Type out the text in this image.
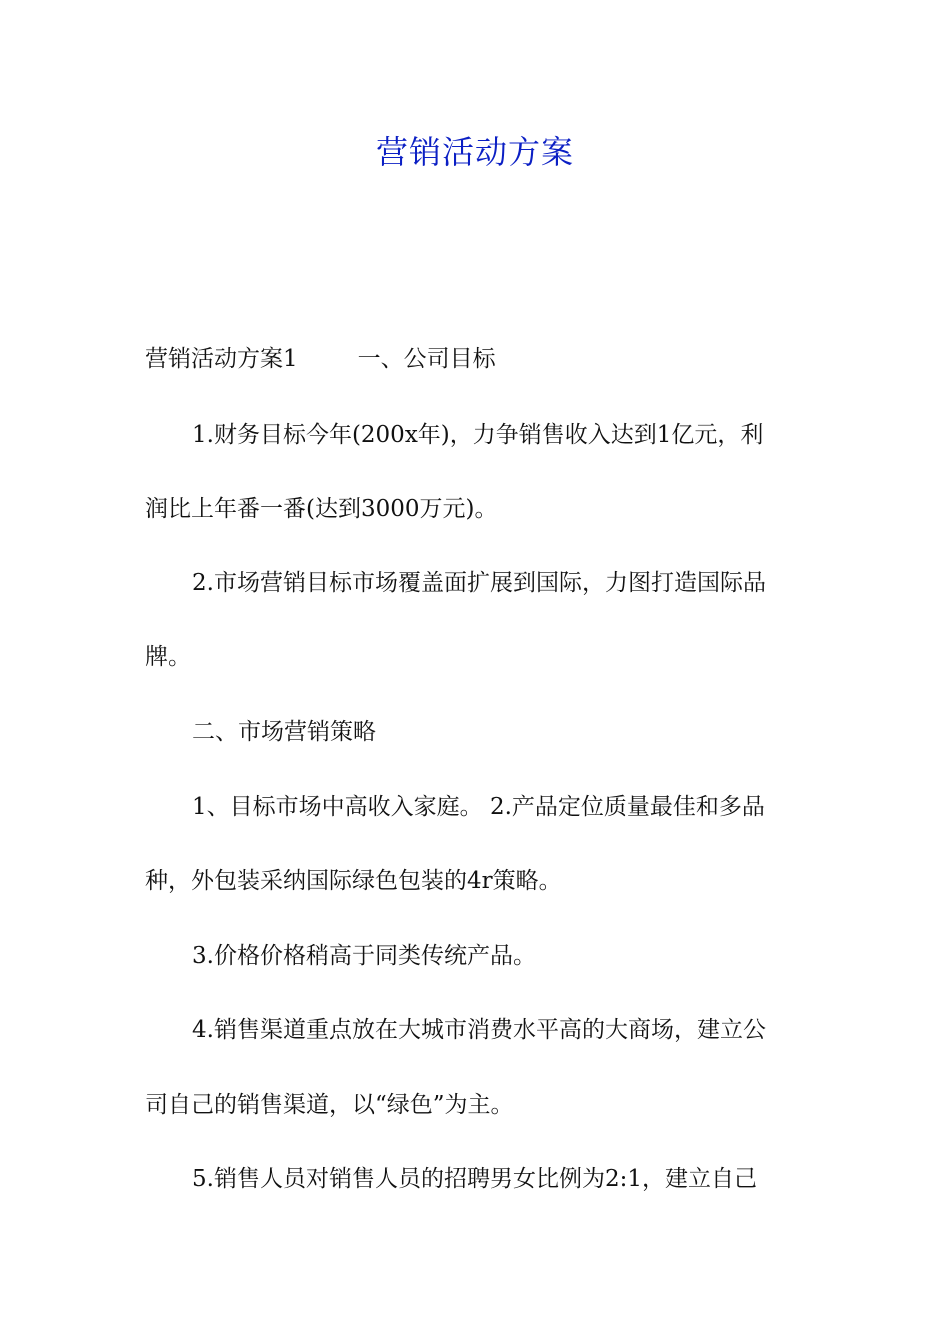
营销活动方案

营销活动方案1	一、公司目标

1.财务目标今年(200x年)，力争销售收入达到1亿元，利

润比上年番一番(达到3000万元)。

2.市场营销目标市场覆盖面扩展到国际，力图打造国际品

牌。

二、市场营销策略

1、目标市场中高收入家庭。 2.产品定位质量最佳和多品

种，外包装采纳国际绿色包装的4r策略。

3.价格价格稍高于同类传统产品。

4.销售渠道重点放在大城市消费水平高的大商场，建立公

司自己的销售渠道，以“绿色”为主。

5.销售人员对销售人员的招聘男女比例为2:1，建立自己
